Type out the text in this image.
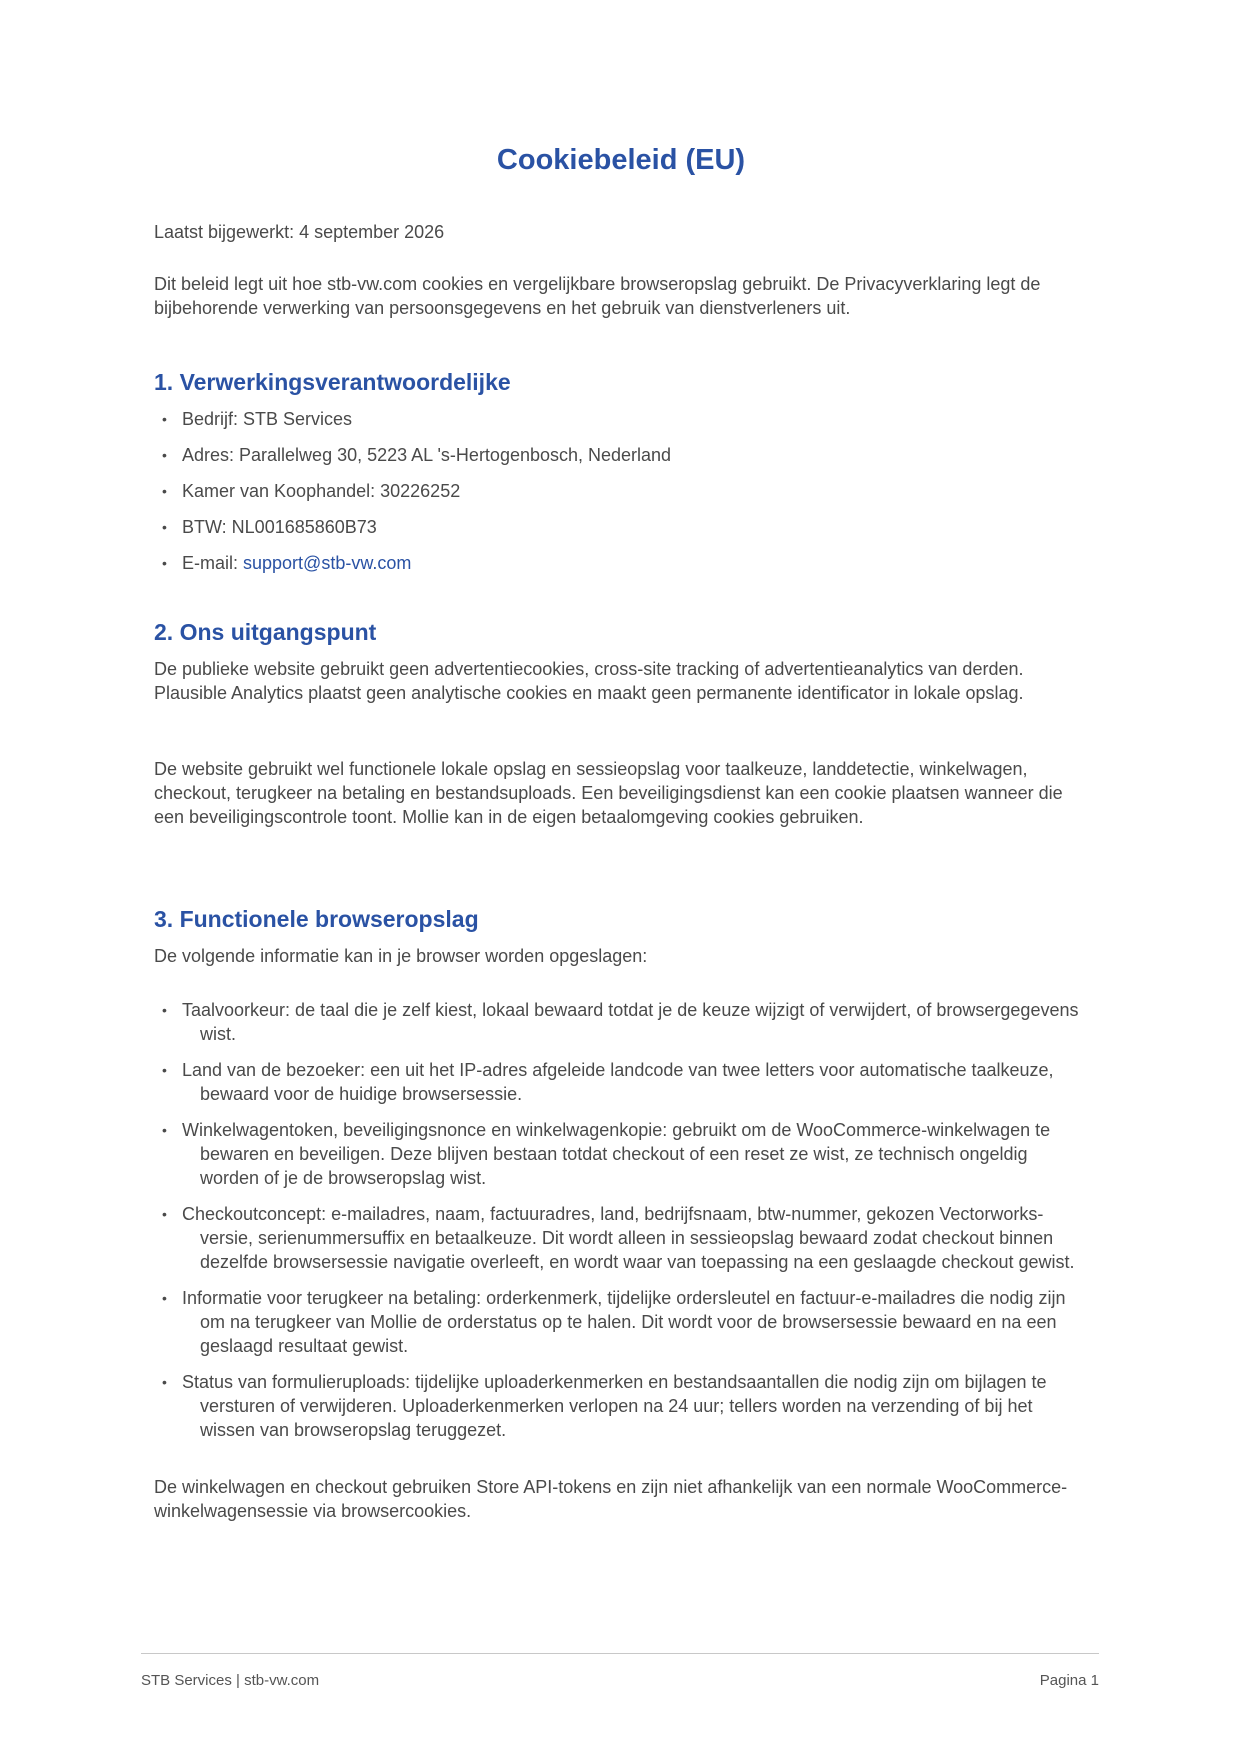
Cookiebeleid (EU)

Laatst bijgewerkt: 4 september 2026

Dit beleid legt uit hoe stb-vw.com cookies en vergelijkbare browseropslag gebruikt. De Privacyverklaring legt de bijbehorende verwerking van persoonsgegevens en het gebruik van dienstverleners uit.

1. Verwerkingsverantwoordelijke
• Bedrijf: STB Services
• Adres: Parallelweg 30, 5223 AL 's-Hertogenbosch, Nederland
• Kamer van Koophandel: 30226252
• BTW: NL001685860B73
• E-mail: support@stb-vw.com
2. Ons uitgangspunt

De publieke website gebruikt geen advertentiecookies, cross-site tracking of advertentieanalytics van derden. Plausible Analytics plaatst geen analytische cookies en maakt geen permanente identificator in lokale opslag.

De website gebruikt wel functionele lokale opslag en sessieopslag voor taalkeuze, landdetectie, winkelwagen, checkout, terugkeer na betaling en bestandsuploads. Een beveiligingsdienst kan een cookie plaatsen wanneer die een beveiligingscontrole toont. Mollie kan in de eigen betaalomgeving cookies gebruiken.

3. Functionele browseropslag

De volgende informatie kan in je browser worden opgeslagen:

• Taalvoorkeur: de taal die je zelf kiest, lokaal bewaard totdat je de keuze wijzigt of verwijdert, of browsergegevens wist.
• Land van de bezoeker: een uit het IP-adres afgeleide landcode van twee letters voor automatische taalkeuze, bewaard voor de huidige browsersessie.
• Winkelwagentoken, beveiligingsnonce en winkelwagenkopie: gebruikt om de WooCommerce-winkelwagen te bewaren en beveiligen. Deze blijven bestaan totdat checkout of een reset ze wist, ze technisch ongeldig worden of je de browseropslag wist.
• Checkoutconcept: e-mailadres, naam, factuuradres, land, bedrijfsnaam, btw-nummer, gekozen Vectorworks-versie, serienummersuffix en betaalkeuze. Dit wordt alleen in sessieopslag bewaard zodat checkout binnen dezelfde browsersessie navigatie overleeft, en wordt waar van toepassing na een geslaagde checkout gewist.
• Informatie voor terugkeer na betaling: orderkenmerk, tijdelijke ordersleutel en factuur-e-mailadres die nodig zijn om na terugkeer van Mollie de orderstatus op te halen. Dit wordt voor de browsersessie bewaard en na een geslaagd resultaat gewist.
• Status van formulieruploads: tijdelijke uploaderkenmerken en bestandsaantallen die nodig zijn om bijlagen te versturen of verwijderen. Uploaderkenmerken verlopen na 24 uur; tellers worden na verzending of bij het wissen van browseropslag teruggezet.

De winkelwagen en checkout gebruiken Store API-tokens en zijn niet afhankelijk van een normale WooCommerce-winkelwagensessie via browsercookies.

STB Services | stb-vw.com	Pagina 1
